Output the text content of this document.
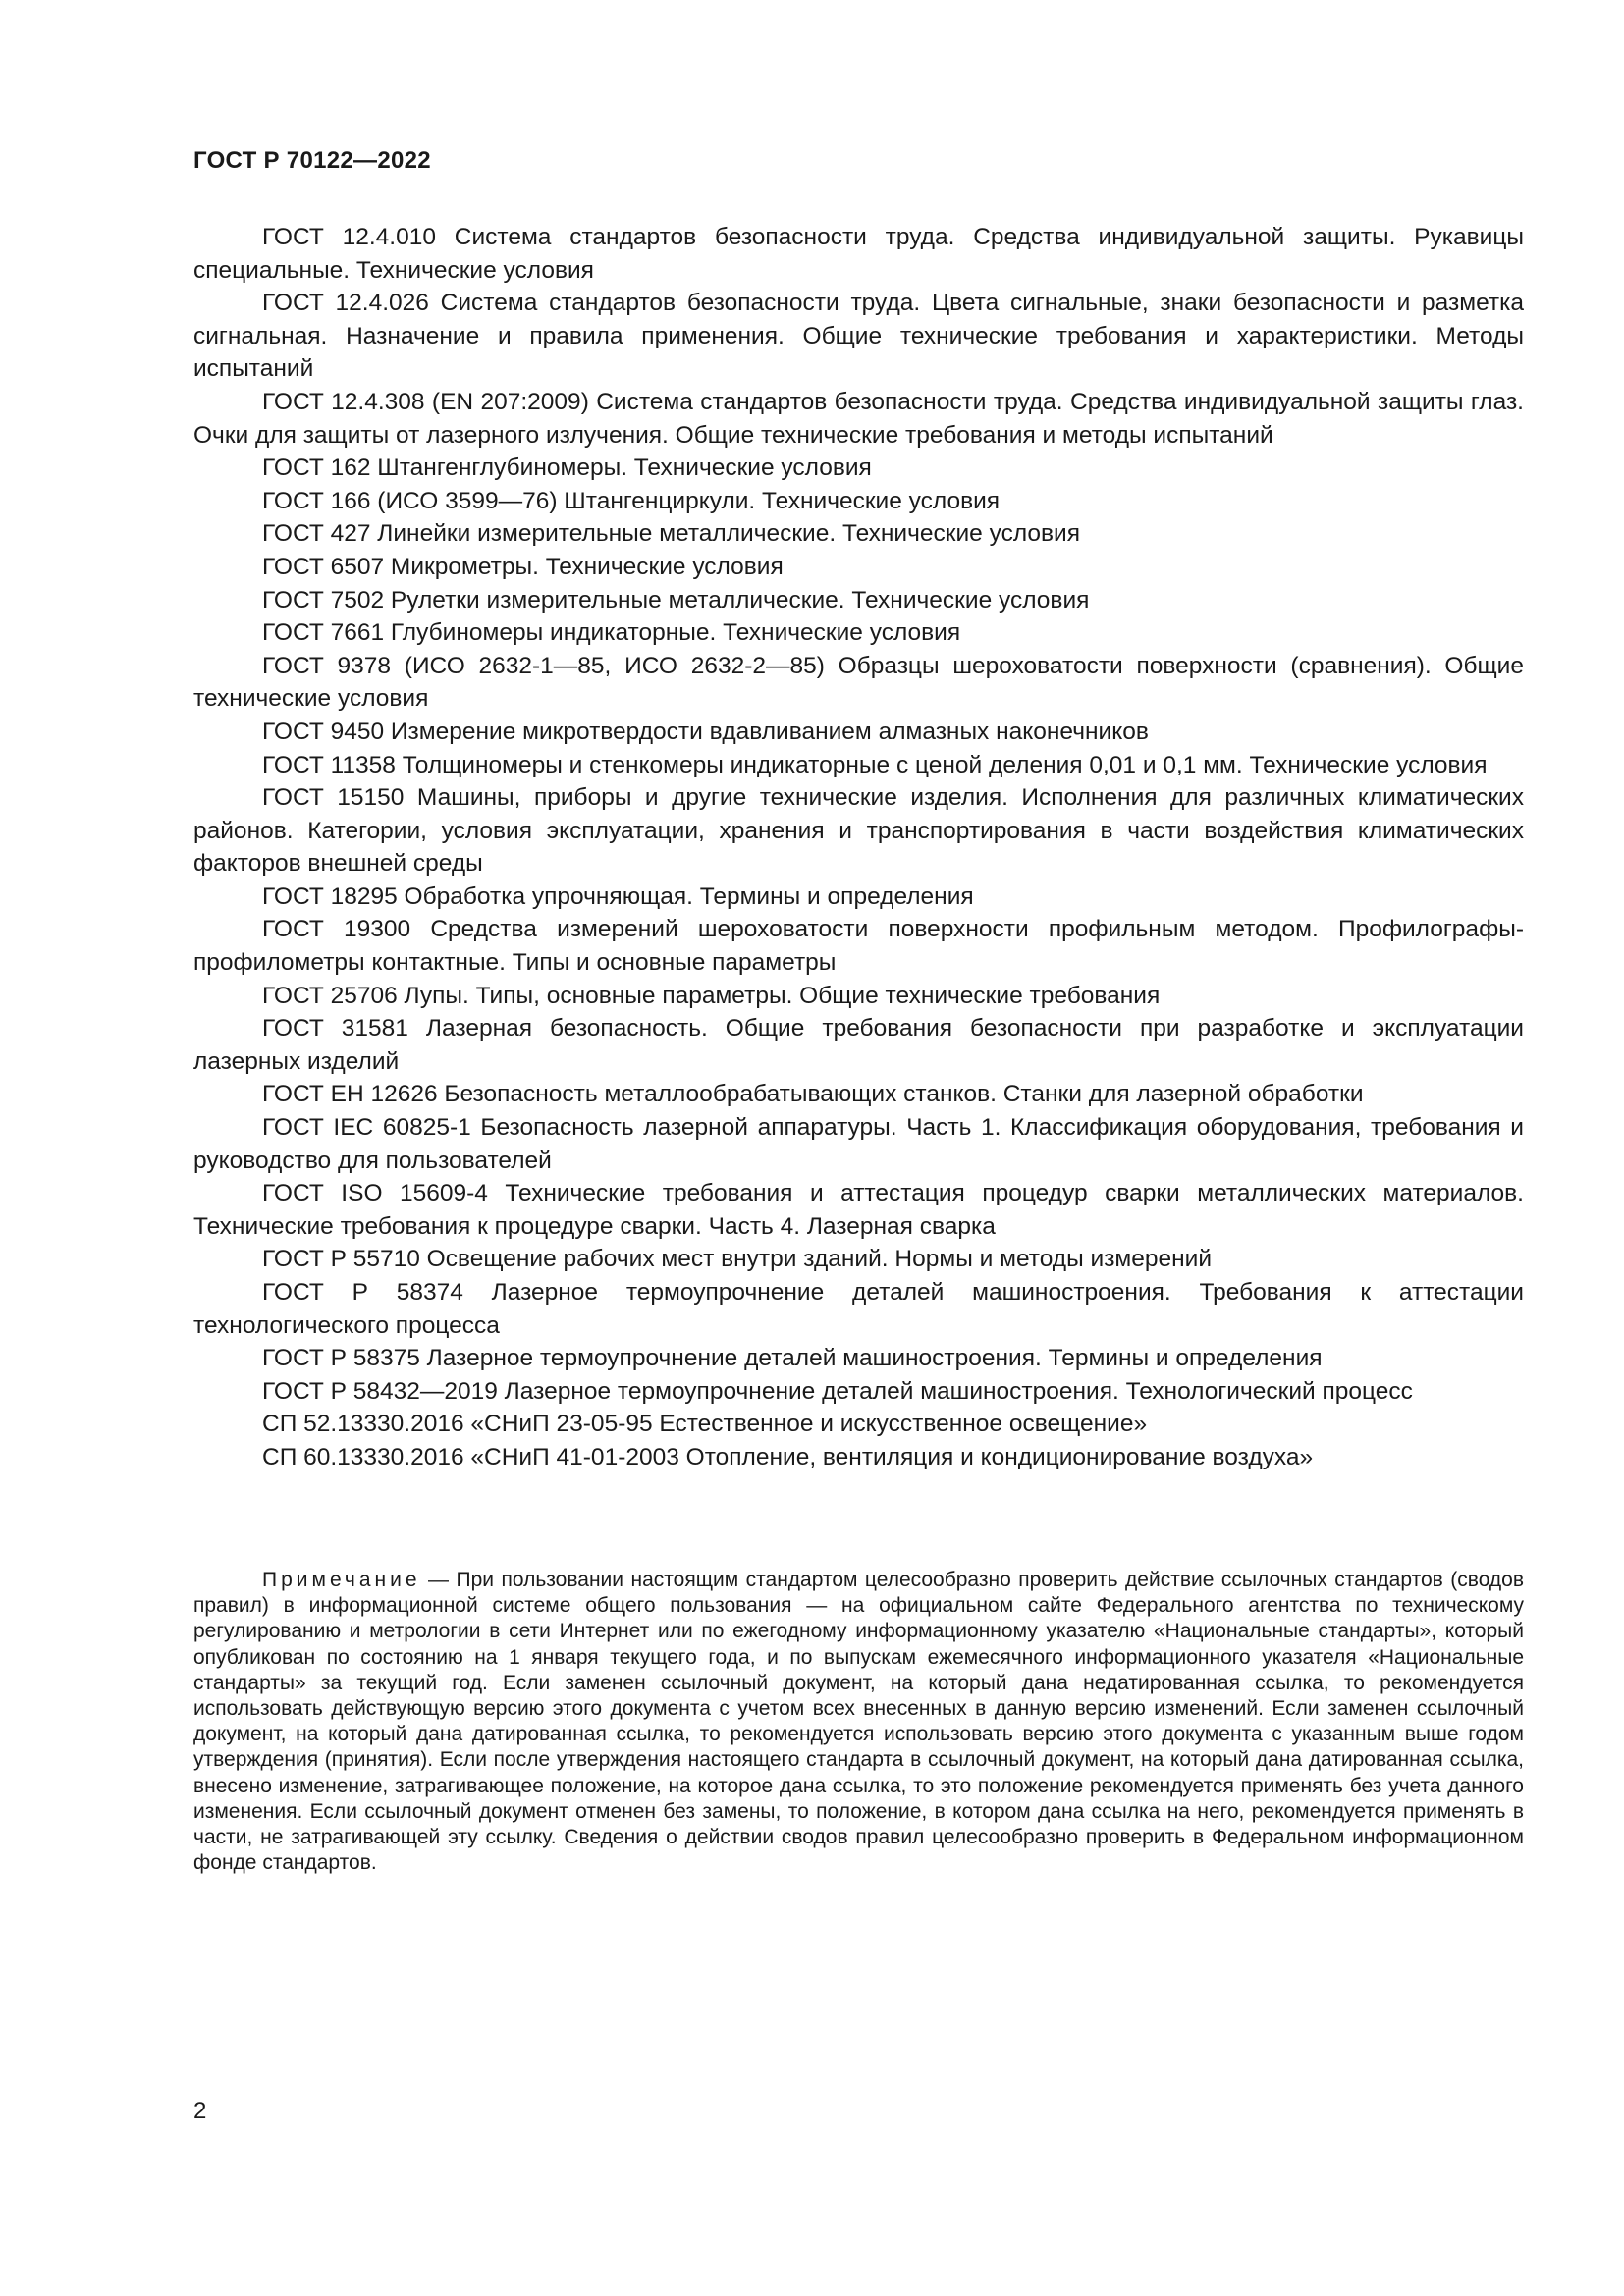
ГОСТ Р 70122—2022

ГОСТ 12.4.010 Система стандартов безопасности труда. Средства индивидуальной защиты. Рукавицы специальные. Технические условия

ГОСТ 12.4.026 Система стандартов безопасности труда. Цвета сигнальные, знаки безопасности и разметка сигнальная. Назначение и правила применения. Общие технические требования и характеристики. Методы испытаний

ГОСТ 12.4.308 (EN 207:2009) Система стандартов безопасности труда. Средства индивидуальной защиты глаз. Очки для защиты от лазерного излучения. Общие технические требования и методы испытаний

ГОСТ 162 Штангенглубиномеры. Технические условия

ГОСТ 166 (ИСО 3599—76) Штангенциркули. Технические условия

ГОСТ 427 Линейки измерительные металлические. Технические условия

ГОСТ 6507 Микрометры. Технические условия

ГОСТ 7502 Рулетки измерительные металлические. Технические условия

ГОСТ 7661 Глубиномеры индикаторные. Технические условия

ГОСТ 9378 (ИСО 2632-1—85, ИСО 2632-2—85) Образцы шероховатости поверхности (сравнения). Общие технические условия

ГОСТ 9450 Измерение микротвердости вдавливанием алмазных наконечников

ГОСТ 11358 Толщиномеры и стенкомеры индикаторные с ценой деления 0,01 и 0,1 мм. Технические условия

ГОСТ 15150 Машины, приборы и другие технические изделия. Исполнения для различных климатических районов. Категории, условия эксплуатации, хранения и транспортирования в части воздействия климатических факторов внешней среды

ГОСТ 18295 Обработка упрочняющая. Термины и определения

ГОСТ 19300 Средства измерений шероховатости поверхности профильным методом. Профилографы-профилометры контактные. Типы и основные параметры

ГОСТ 25706 Лупы. Типы, основные параметры. Общие технические требования

ГОСТ 31581 Лазерная безопасность. Общие требования безопасности при разработке и эксплуатации лазерных изделий

ГОСТ ЕН 12626 Безопасность металлообрабатывающих станков. Станки для лазерной обработки

ГОСТ IEC 60825-1 Безопасность лазерной аппаратуры. Часть 1. Классификация оборудования, требования и руководство для пользователей

ГОСТ ISO 15609-4 Технические требования и аттестация процедур сварки металлических материалов. Технические требования к процедуре сварки. Часть 4. Лазерная сварка

ГОСТ Р 55710 Освещение рабочих мест внутри зданий. Нормы и методы измерений

ГОСТ Р 58374 Лазерное термоупрочнение деталей машиностроения. Требования к аттестации технологического процесса

ГОСТ Р 58375 Лазерное термоупрочнение деталей машиностроения. Термины и определения

ГОСТ Р 58432—2019 Лазерное термоупрочнение деталей машиностроения. Технологический процесс

СП 52.13330.2016 «СНиП 23-05-95 Естественное и искусственное освещение»

СП 60.13330.2016 «СНиП 41-01-2003 Отопление, вентиляция и кондиционирование воздуха»

Примечание — При пользовании настоящим стандартом целесообразно проверить действие ссылочных стандартов (сводов правил) в информационной системе общего пользования — на официальном сайте Федерального агентства по техническому регулированию и метрологии в сети Интернет или по ежегодному информационному указателю «Национальные стандарты», который опубликован по состоянию на 1 января текущего года, и по выпускам ежемесячного информационного указателя «Национальные стандарты» за текущий год. Если заменен ссылочный документ, на который дана недатированная ссылка, то рекомендуется использовать действующую версию этого документа с учетом всех внесенных в данную версию изменений. Если заменен ссылочный документ, на который дана датированная ссылка, то рекомендуется использовать версию этого документа с указанным выше годом утверждения (принятия). Если после утверждения настоящего стандарта в ссылочный документ, на который дана датированная ссылка, внесено изменение, затрагивающее положение, на которое дана ссылка, то это положение рекомендуется применять без учета данного изменения. Если ссылочный документ отменен без замены, то положение, в котором дана ссылка на него, рекомендуется применять в части, не затрагивающей эту ссылку. Сведения о действии сводов правил целесообразно проверить в Федеральном информационном фонде стандартов.

2
